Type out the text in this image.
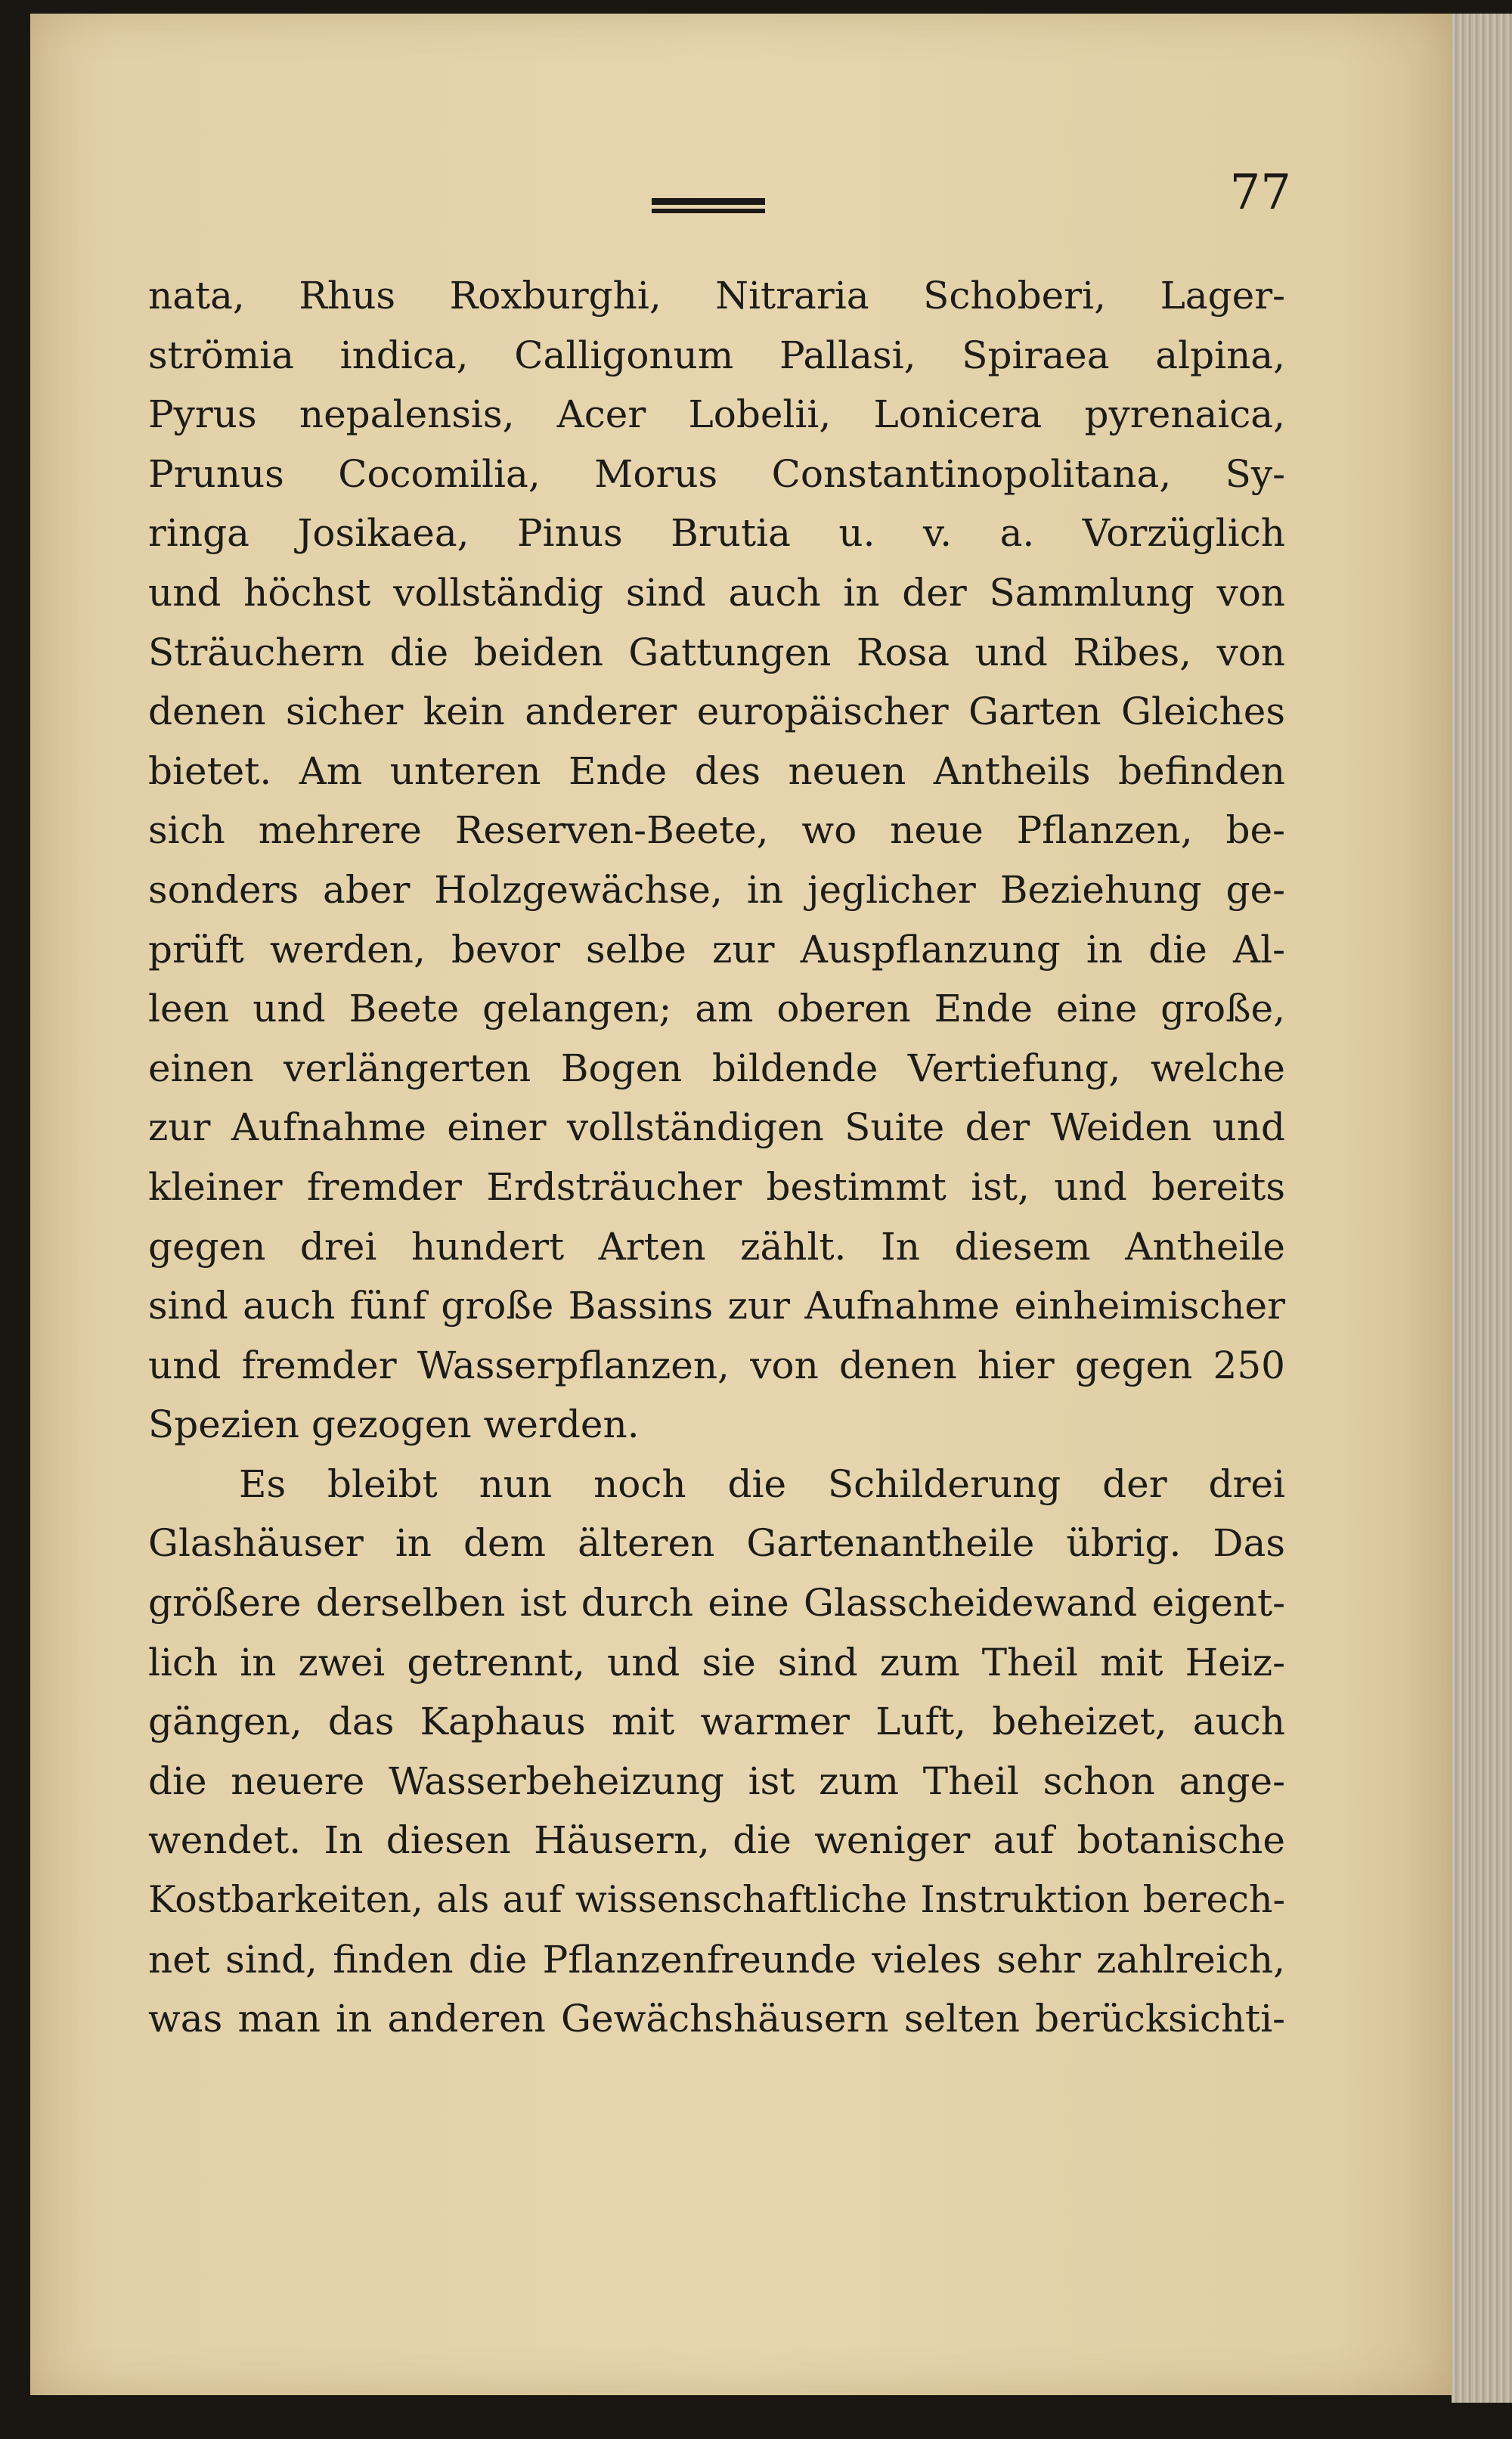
77
nata, Rhus Roxburghi, Nitraria Schoberi, Lager-
strömia indica, Calligonum Pallasi, Spiraea alpina,
Pyrus nepalensis, Acer Lobelii, Lonicera pyrenaica,
Prunus Cocomilia, Morus Constantinopolitana, Sy-
ringa Josikaea, Pinus Brutia u. v. a. Vorzüglich
und höchst vollständig sind auch in der Sammlung von
Sträuchern die beiden Gattungen Rosa und Ribes, von
denen sicher kein anderer europäischer Garten Gleiches
bietet. Am unteren Ende des neuen Antheils befinden
sich mehrere Reserven-Beete, wo neue Pflanzen, be-
sonders aber Holzgewächse, in jeglicher Beziehung ge-
prüft werden, bevor selbe zur Auspflanzung in die Al-
leen und Beete gelangen; am oberen Ende eine große,
einen verlängerten Bogen bildende Vertiefung, welche
zur Aufnahme einer vollständigen Suite der Weiden und
kleiner fremder Erdsträucher bestimmt ist, und bereits
gegen drei hundert Arten zählt. In diesem Antheile
sind auch fünf große Bassins zur Aufnahme einheimischer
und fremder Wasserpflanzen, von denen hier gegen 250
Spezien gezogen werden.
Es bleibt nun noch die Schilderung der drei
Glashäuser in dem älteren Gartenantheile übrig. Das
größere derselben ist durch eine Glasscheidewand eigent-
lich in zwei getrennt, und sie sind zum Theil mit Heiz-
gängen, das Kaphaus mit warmer Luft, beheizet, auch
die neuere Wasserbeheizung ist zum Theil schon ange-
wendet. In diesen Häusern, die weniger auf botanische
Kostbarkeiten, als auf wissenschaftliche Instruktion berech-
net sind, finden die Pflanzenfreunde vieles sehr zahlreich,
was man in anderen Gewächshäusern selten berücksichti-
